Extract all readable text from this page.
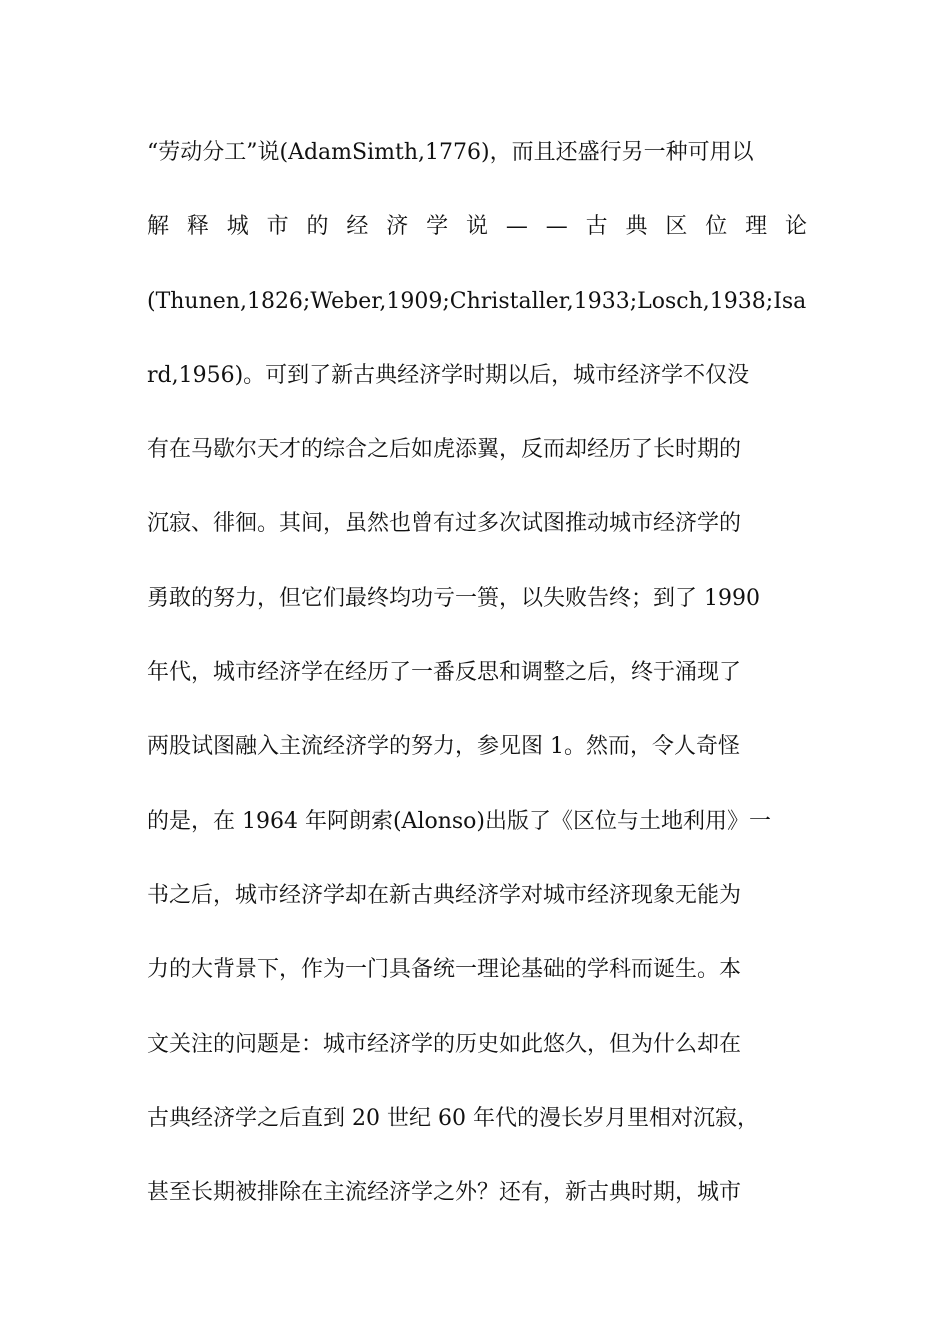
“劳动分工”说(AdamSimth,1776)，而且还盛行另一种可用以
解 释 城 市 的 经 济 学 说 — — 古 典 区 位 理 论
(Thunen,1826;Weber,1909;Christaller,1933;Losch,1938;Isa
rd,1956)。可到了新古典经济学时期以后，城市经济学不仅没
有在马歇尔天才的综合之后如虎添翼，反而却经历了长时期的
沉寂、徘徊。其间，虽然也曾有过多次试图推动城市经济学的
勇敢的努力，但它们最终均功亏一篑，以失败告终；到了 1990
年代，城市经济学在经历了一番反思和调整之后，终于涌现了
两股试图融入主流经济学的努力，参见图 1。然而，令人奇怪
的是，在 1964 年阿朗索(Alonso)出版了《区位与土地利用》一
书之后，城市经济学却在新古典经济学对城市经济现象无能为
力的大背景下，作为一门具备统一理论基础的学科而诞生。本
文关注的问题是：城市经济学的历史如此悠久，但为什么却在
古典经济学之后直到 20 世纪 60 年代的漫长岁月里相对沉寂，
甚至长期被排除在主流经济学之外？还有，新古典时期，城市
